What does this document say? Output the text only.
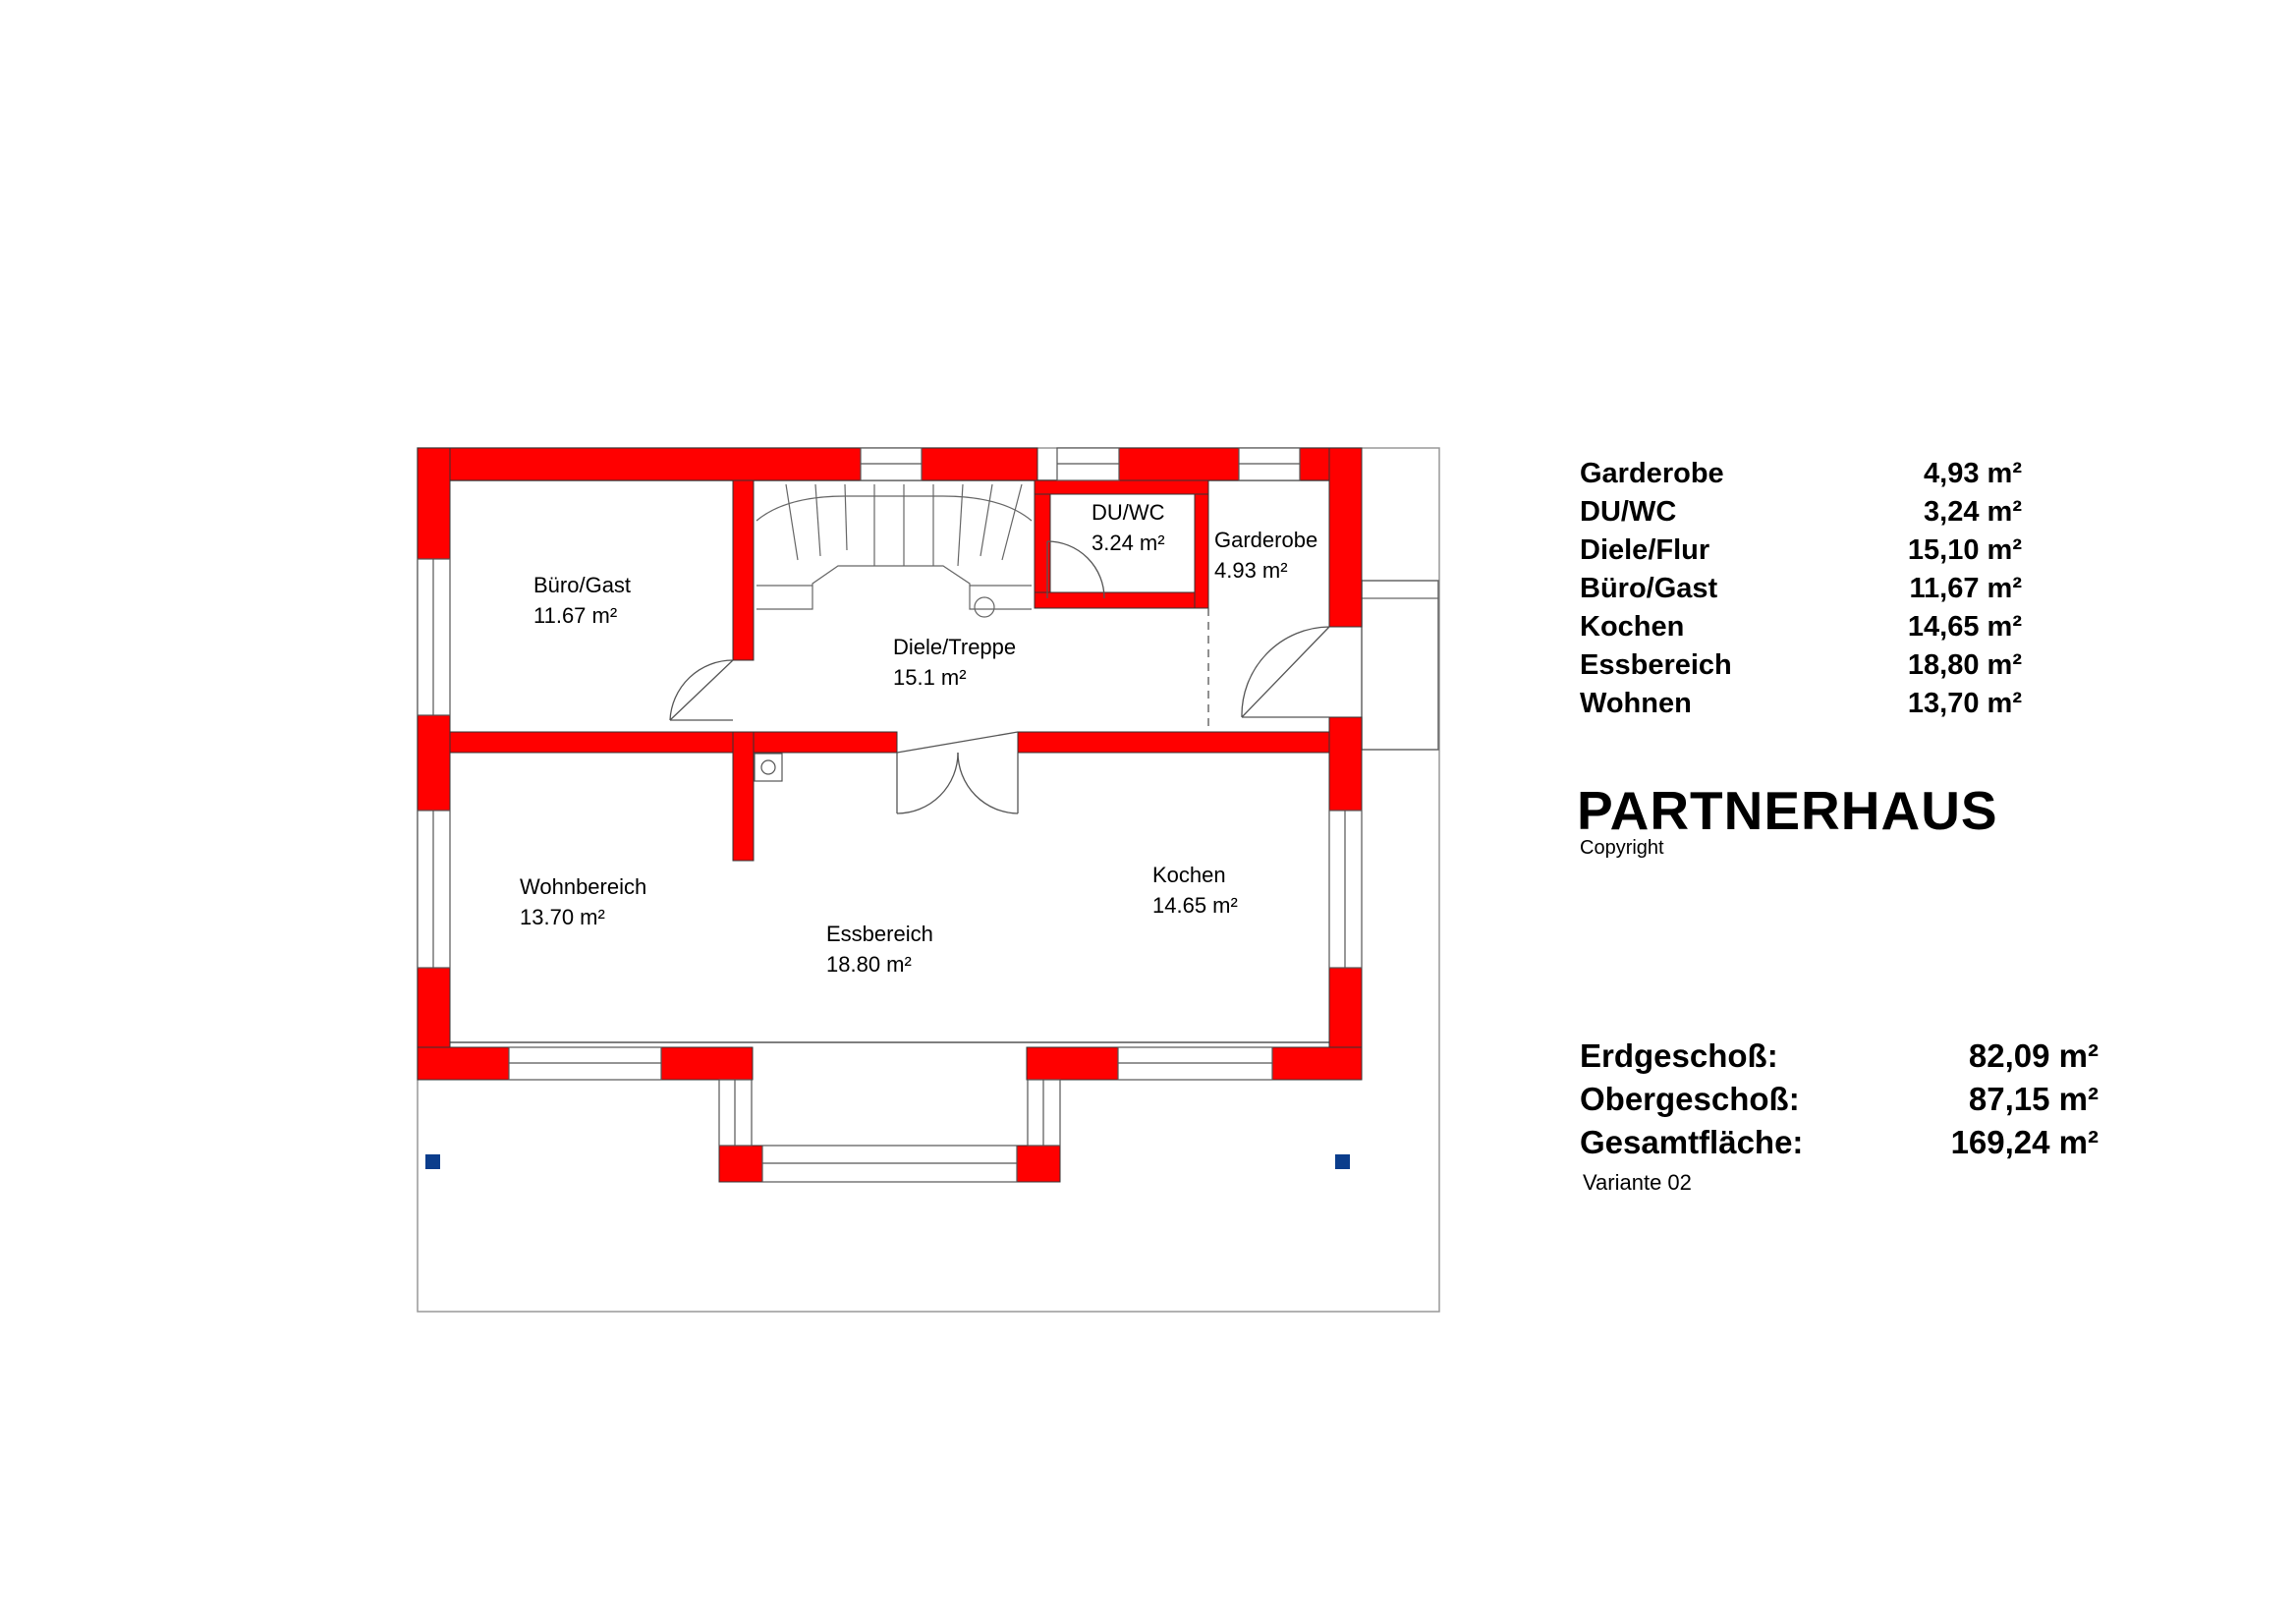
Büro/Gast
11.67 m²
Diele/Treppe
15.1 m²
DU/WC
3.24 m² Garderobe
4.93 m²
Wohnbereich
13.70 m²
Essbereich
18.80 m²
Kochen
14.65 m²
Garderobe	4,93 m²
DU/WC	3,24 m²
Diele/Flur	15,10 m²
Büro/Gast	11,67 m²
Kochen	14,65 m²
Essbereich	18,80 m²
Wohnen	13,70 m²
PARTNERHAUS
Copyright
Erdgeschoß:	82,09 m²
Obergeschoß:	87,15 m²
Gesamtfläche:	169,24 m²
Variante 02
